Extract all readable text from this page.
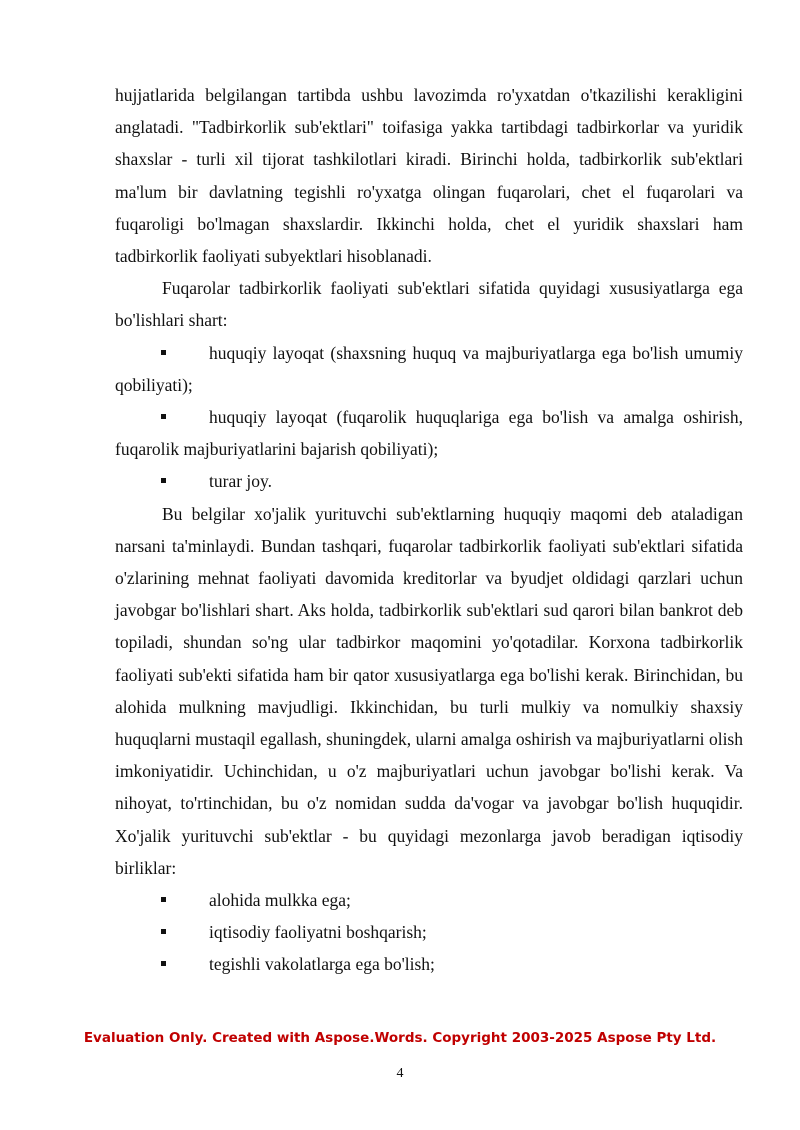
hujjatlarida belgilangan tartibda ushbu lavozimda ro'yxatdan o'tkazilishi kerakligini anglatadi. "Tadbirkorlik sub'ektlari" toifasiga yakka tartibdagi tadbirkorlar va yuridik shaxslar - turli xil tijorat tashkilotlari kiradi. Birinchi holda, tadbirkorlik sub'ektlari ma'lum bir davlatning tegishli ro'yxatga olingan fuqarolari, chet el fuqarolari va fuqaroligi bo'lmagan shaxslardir. Ikkinchi holda, chet el yuridik shaxslari ham tadbirkorlik faoliyati subyektlari hisoblanadi.

Fuqarolar tadbirkorlik faoliyati sub'ektlari sifatida quyidagi xususiyatlarga ega bo'lishlari shart:

huquqiy layoqat (shaxsning huquq va majburiyatlarga ega bo'lish umumiy qobiliyati);

huquqiy layoqat (fuqarolik huquqlariga ega bo'lish va amalga oshirish, fuqarolik majburiyatlarini bajarish qobiliyati);

turar joy.

Bu belgilar xo'jalik yurituvchi sub'ektlarning huquqiy maqomi deb ataladigan narsani ta'minlaydi. Bundan tashqari, fuqarolar tadbirkorlik faoliyati sub'ektlari sifatida o'zlarining mehnat faoliyati davomida kreditorlar va byudjet oldidagi qarzlari uchun javobgar bo'lishlari shart. Aks holda, tadbirkorlik sub'ektlari sud qarori bilan bankrot deb topiladi, shundan so'ng ular tadbirkor maqomini yo'qotadilar. Korxona tadbirkorlik faoliyati sub'ekti sifatida ham bir qator xususiyatlarga ega bo'lishi kerak. Birinchidan, bu alohida mulkning mavjudligi. Ikkinchidan, bu turli mulkiy va nomulkiy shaxsiy huquqlarni mustaqil egallash, shuningdek, ularni amalga oshirish va majburiyatlarni olish imkoniyatidir. Uchinchidan, u o'z majburiyatlari uchun javobgar bo'lishi kerak. Va nihoyat, to'rtinchidan, bu o'z nomidan sudda da'vogar va javobgar bo'lish huquqidir. Xo'jalik yurituvchi sub'ektlar - bu quyidagi mezonlarga javob beradigan iqtisodiy birliklar:

alohida mulkka ega;

iqtisodiy faoliyatni boshqarish;

tegishli vakolatlarga ega bo'lish;

Evaluation Only. Created with Aspose.Words. Copyright 2003-2025 Aspose Pty Ltd.
4
